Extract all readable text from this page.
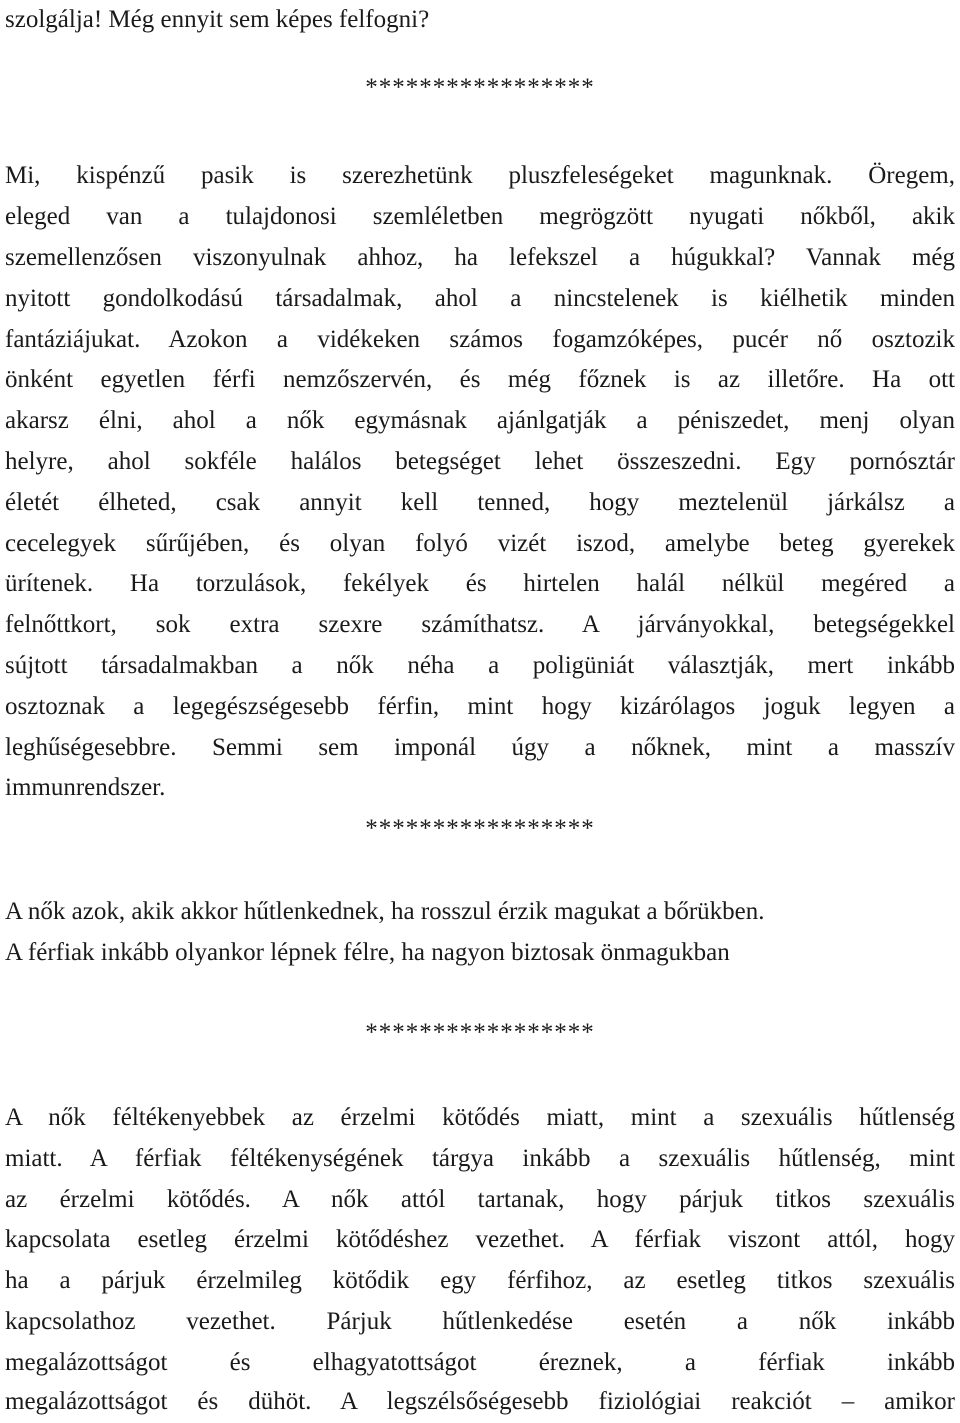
szolgálja! Még ennyit sem képes felfogni?
*****************
Mi, kispénzű pasik is szerezhetünk pluszfeleségeket magunknak. Öregem,
eleged van a tulajdonosi szemléletben megrögzött nyugati nőkből, akik
szemellenzősen viszonyulnak ahhoz, ha lefekszel a húgukkal? Vannak még
nyitott gondolkodású társadalmak, ahol a nincstelenek is kiélhetik minden
fantáziájukat. Azokon a vidékeken számos fogamzóképes, pucér nő osztozik
önként egyetlen férfi nemzőszervén, és még főznek is az illetőre. Ha ott
akarsz élni, ahol a nők egymásnak ajánlgatják a péniszedet, menj olyan
helyre, ahol sokféle halálos betegséget lehet összeszedni. Egy pornósztár
életét élheted, csak annyit kell tenned, hogy meztelenül járkálsz a
cecelegyek sűrűjében, és olyan folyó vizét iszod, amelybe beteg gyerekek
ürítenek. Ha torzulások, fekélyek és hirtelen halál nélkül megéred a
felnőttkort, sok extra szexre számíthatsz. A járványokkal, betegségekkel
sújtott társadalmakban a nők néha a poligüniát választják, mert inkább
osztoznak a legegészségesebb férfin, mint hogy kizárólagos joguk legyen a
leghűségesebbre. Semmi sem imponál úgy a nőknek, mint a masszív
immunrendszer.
*****************
A nők azok, akik akkor hűtlenkednek, ha rosszul érzik magukat a bőrükben.
A férfiak inkább olyankor lépnek félre, ha nagyon biztosak önmagukban
*****************
A nők féltékenyebbek az érzelmi kötődés miatt, mint a szexuális hűtlenség
miatt. A férfiak féltékenységének tárgya inkább a szexuális hűtlenség, mint
az érzelmi kötődés. A nők attól tartanak, hogy párjuk titkos szexuális
kapcsolata esetleg érzelmi kötődéshez vezethet. A férfiak viszont attól, hogy
ha a párjuk érzelmileg kötődik egy férfihoz, az esetleg titkos szexuális
kapcsolathoz vezethet. Párjuk hűtlenkedése esetén a nők inkább
megalázottságot és elhagyatottságot éreznek, a férfiak inkább
megalázottságot és dühöt. A legszélsőségesebb fiziológiai reakciót – amikor
